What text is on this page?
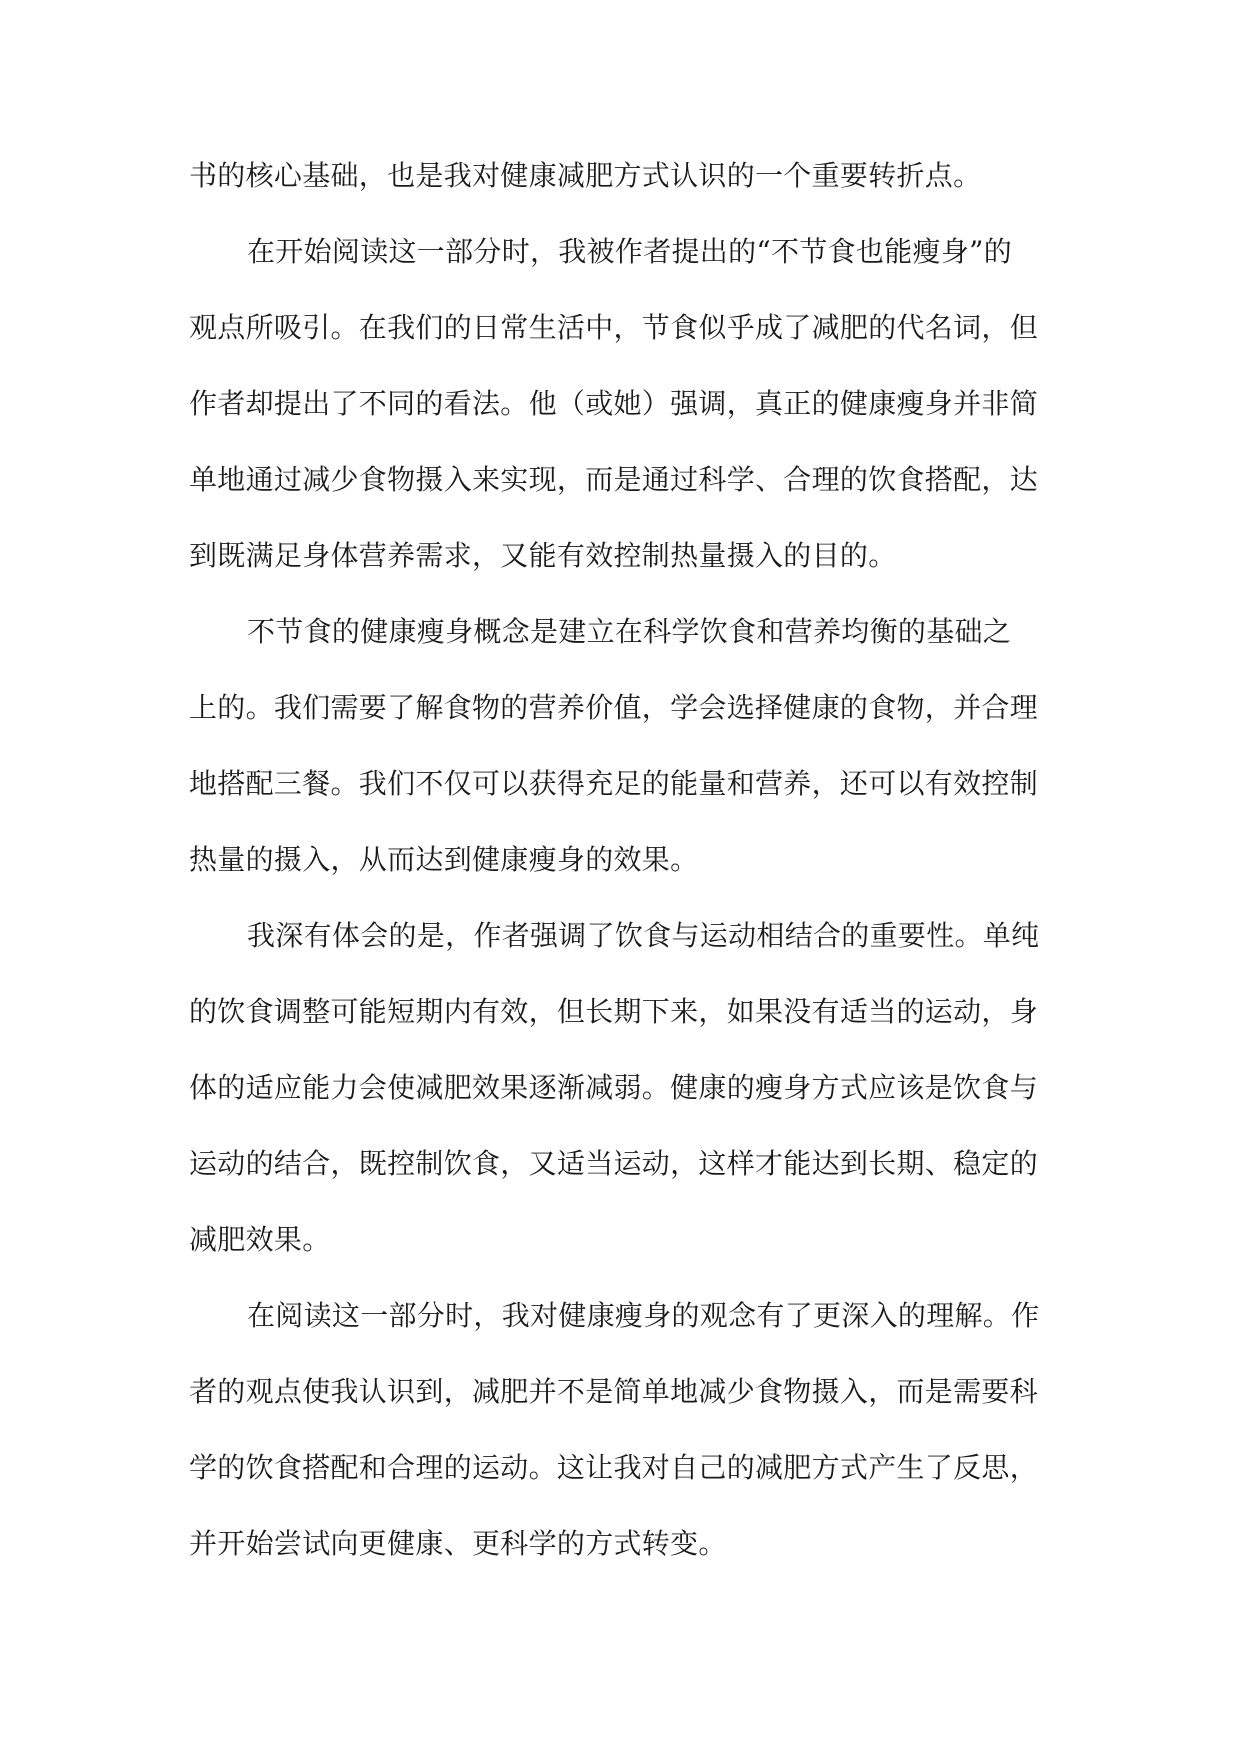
书的核心基础，也是我对健康减肥方式认识的一个重要转折点。
在开始阅读这一部分时，我被作者提出的“不节食也能瘦身”的
观点所吸引。在我们的日常生活中，节食似乎成了减肥的代名词，但
作者却提出了不同的看法。他（或她）强调，真正的健康瘦身并非简
单地通过减少食物摄入来实现，而是通过科学、合理的饮食搭配，达
到既满足身体营养需求，又能有效控制热量摄入的目的。
不节食的健康瘦身概念是建立在科学饮食和营养均衡的基础之
上的。我们需要了解食物的营养价值，学会选择健康的食物，并合理
地搭配三餐。我们不仅可以获得充足的能量和营养，还可以有效控制
热量的摄入，从而达到健康瘦身的效果。
我深有体会的是，作者强调了饮食与运动相结合的重要性。单纯
的饮食调整可能短期内有效，但长期下来，如果没有适当的运动，身
体的适应能力会使减肥效果逐渐减弱。健康的瘦身方式应该是饮食与
运动的结合，既控制饮食，又适当运动，这样才能达到长期、稳定的
减肥效果。
在阅读这一部分时，我对健康瘦身的观念有了更深入的理解。作
者的观点使我认识到，减肥并不是简单地减少食物摄入，而是需要科
学的饮食搭配和合理的运动。这让我对自己的减肥方式产生了反思，
并开始尝试向更健康、更科学的方式转变。
